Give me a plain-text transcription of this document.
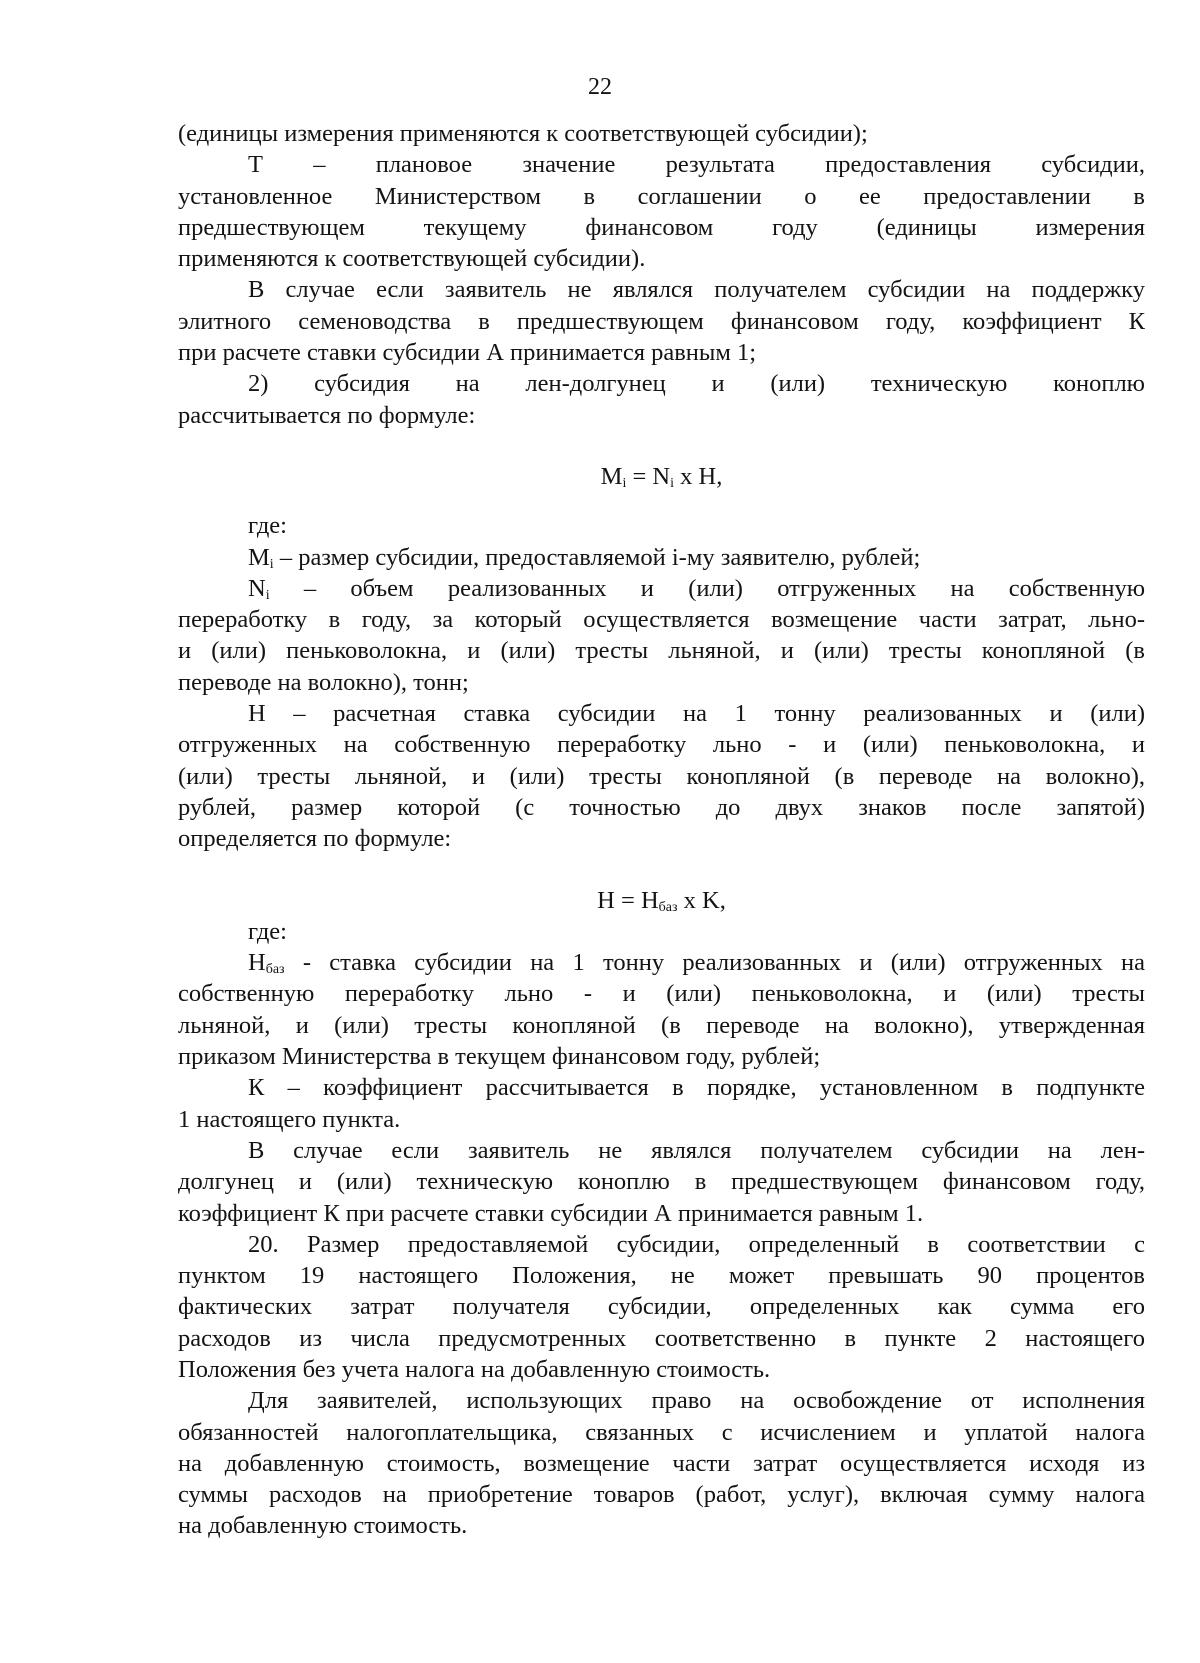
22
(единицы измерения применяются к соответствующей субсидии);
Т – плановое значение результата предоставления субсидии,
установленное Министерством в соглашении о ее предоставлении в
предшествующем текущему финансовом году (единицы измерения
применяются к соответствующей субсидии).
В случае если заявитель не являлся получателем субсидии на поддержку
элитного семеноводства в предшествующем финансовом году, коэффициент К
при расчете ставки субсидии А принимается равным 1;
2) субсидия на лен-долгунец и (или) техническую коноплю
рассчитывается по формуле:
$M_i = N_i$ x H,
где:
$M_i$ – размер субсидии, предоставляемой i-му заявителю, рублей;
$N_i$ – объем реализованных и (или) отгруженных на собственную
переработку в году, за который осуществляется возмещение части затрат, льно-
и (или) пеньковолокна, и (или) тресты льняной, и (или) тресты конопляной (в
переводе на волокно), тонн;
Н – расчетная ставка субсидии на 1 тонну реализованных и (или)
отгруженных на собственную переработку льно - и (или) пеньковолокна, и
(или) тресты льняной, и (или) тресты конопляной (в переводе на волокно),
рублей, размер которой (с точностью до двух знаков после запятой)
определяется по формуле:
$H = H_{баз}$ x K,
где:
$Н_{баз}$ - ставка субсидии на 1 тонну реализованных и (или) отгруженных на
собственную переработку льно - и (или) пеньковолокна, и (или) тресты
льняной, и (или) тресты конопляной (в переводе на волокно), утвержденная
приказом Министерства в текущем финансовом году, рублей;
К – коэффициент рассчитывается в порядке, установленном в подпункте
1 настоящего пункта.
В случае если заявитель не являлся получателем субсидии на лен-
долгунец и (или) техническую коноплю в предшествующем финансовом году,
коэффициент К при расчете ставки субсидии А принимается равным 1.
20. Размер предоставляемой субсидии, определенный в соответствии с
пунктом 19 настоящего Положения, не может превышать 90 процентов
фактических затрат получателя субсидии, определенных как сумма его
расходов из числа предусмотренных соответственно в пункте 2 настоящего
Положения без учета налога на добавленную стоимость.
Для заявителей, использующих право на освобождение от исполнения
обязанностей налогоплательщика, связанных с исчислением и уплатой налога
на добавленную стоимость, возмещение части затрат осуществляется исходя из
суммы расходов на приобретение товаров (работ, услуг), включая сумму налога
на добавленную стоимость.
